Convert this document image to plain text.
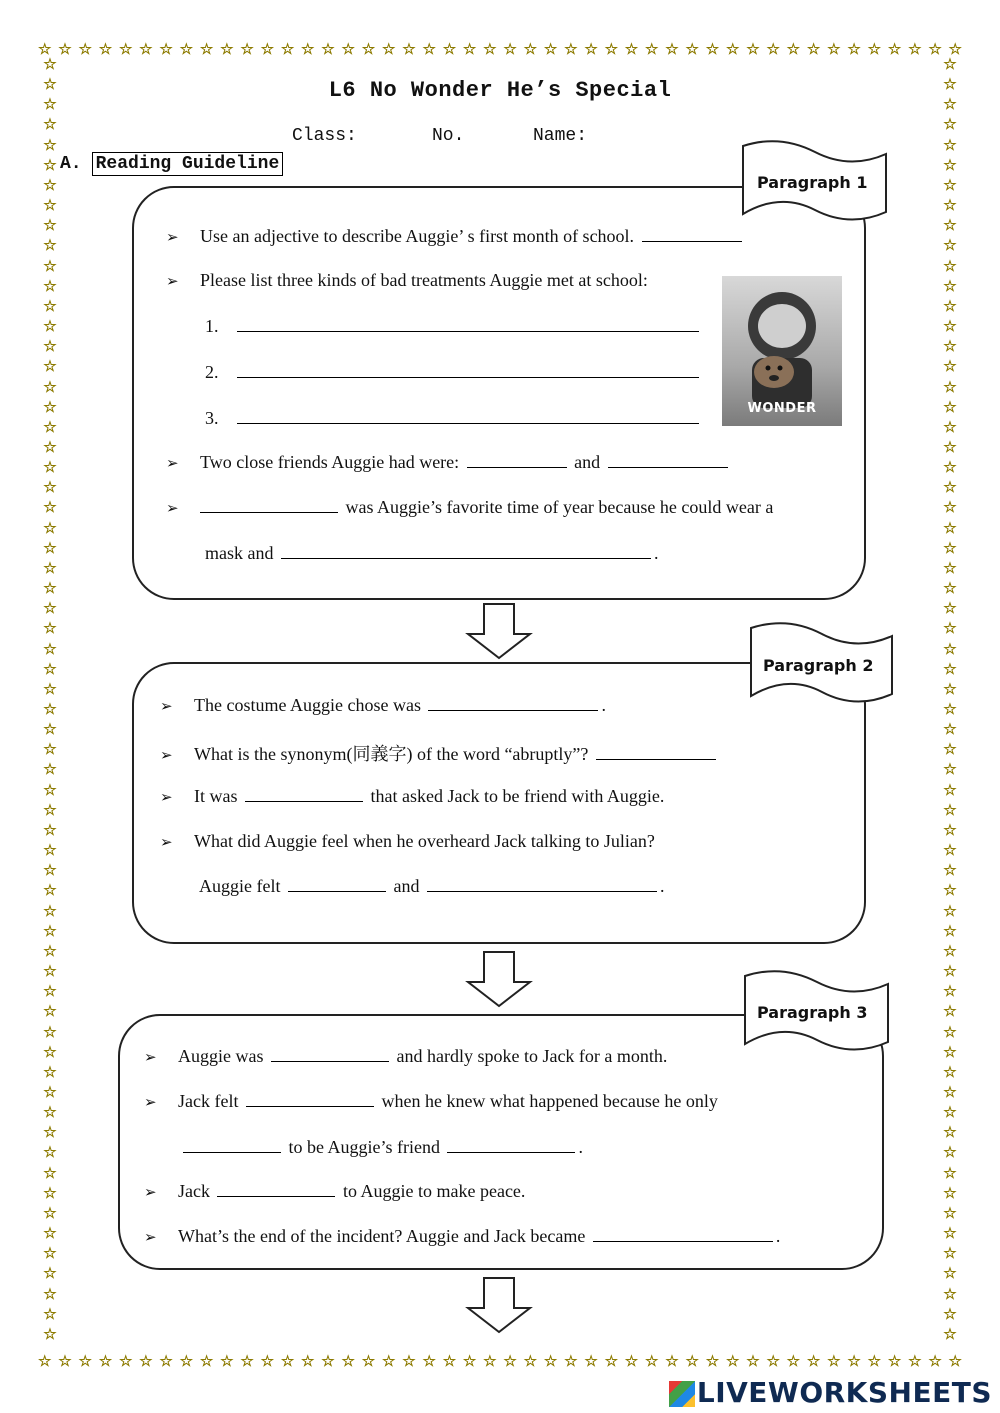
☆ ☆ ☆ ☆ ☆ ☆ ☆ ☆ ☆ ☆ ☆ ☆ ☆ ☆ ☆ ☆ ☆ ☆ ☆ ☆ ☆ ☆ ☆ ☆ ☆ ☆ ☆ ☆ ☆ ☆ ☆ ☆ ☆ ☆ ☆ ☆ ☆ ☆ ☆ ☆ ☆ ☆ ☆ ☆ ☆ ☆
☆ ☆ ☆ ☆ ☆ ☆ ☆ ☆ ☆ ☆ ☆ ☆ ☆ ☆ ☆ ☆ ☆ ☆ ☆ ☆ ☆ ☆ ☆ ☆ ☆ ☆ ☆ ☆ ☆ ☆ ☆ ☆ ☆ ☆ ☆ ☆ ☆ ☆ ☆ ☆ ☆ ☆ ☆ ☆ ☆ ☆
☆
☆
☆
☆
☆
☆
☆
☆
☆
☆
☆
☆
☆
☆
☆
☆
☆
☆
☆
☆
☆
☆
☆
☆
☆
☆
☆
☆
☆
☆
☆
☆
☆
☆
☆
☆
☆
☆
☆
☆
☆
☆
☆
☆
☆
☆
☆
☆
☆
☆
☆
☆
☆
☆
☆
☆
☆
☆
☆
☆
☆
☆
☆
☆
☆
☆
☆
☆
☆
☆
☆
☆
☆
☆
☆
☆
☆
☆
☆
☆
☆
☆
☆
☆
☆
☆
☆
☆
☆
☆
☆
☆
☆
☆
☆
☆
☆
☆
☆
☆
☆
☆
☆
☆
☆
☆
☆
☆
☆
☆
☆
☆
☆
☆
☆
☆
☆
☆
☆
☆
☆
☆
☆
☆
☆
☆
☆
☆
L6 No Wonder He’s Special
Class:	No.	Name:
A. Reading Guideline
Paragraph 1
➢ Use an adjective to describe Auggie’ s first month of school.
➢ Please list three kinds of bad treatments Auggie met at school:
1.
2.
3.	WONDER
➢ Two close friends Auggie had were:	and
➢	was Auggie’s favorite time of year because he could wear a
mask and	.
Paragraph 2
➢ The costume Auggie chose was	.
➢ What is the synonym(同義字) of the word “abruptly”?
➢ It was	that asked Jack to be friend with Auggie.
➢ What did Auggie feel when he overheard Jack talking to Julian?
Auggie felt	and	.
Paragraph 3
➢ Auggie was	and hardly spoke to Jack for a month.
➢ Jack felt	when he knew what happened because he only
to be Auggie’s friend	.
➢ Jack	to Auggie to make peace.
➢ What’s the end of the incident? Auggie and Jack became	.
LIVEWORKSHEETS
